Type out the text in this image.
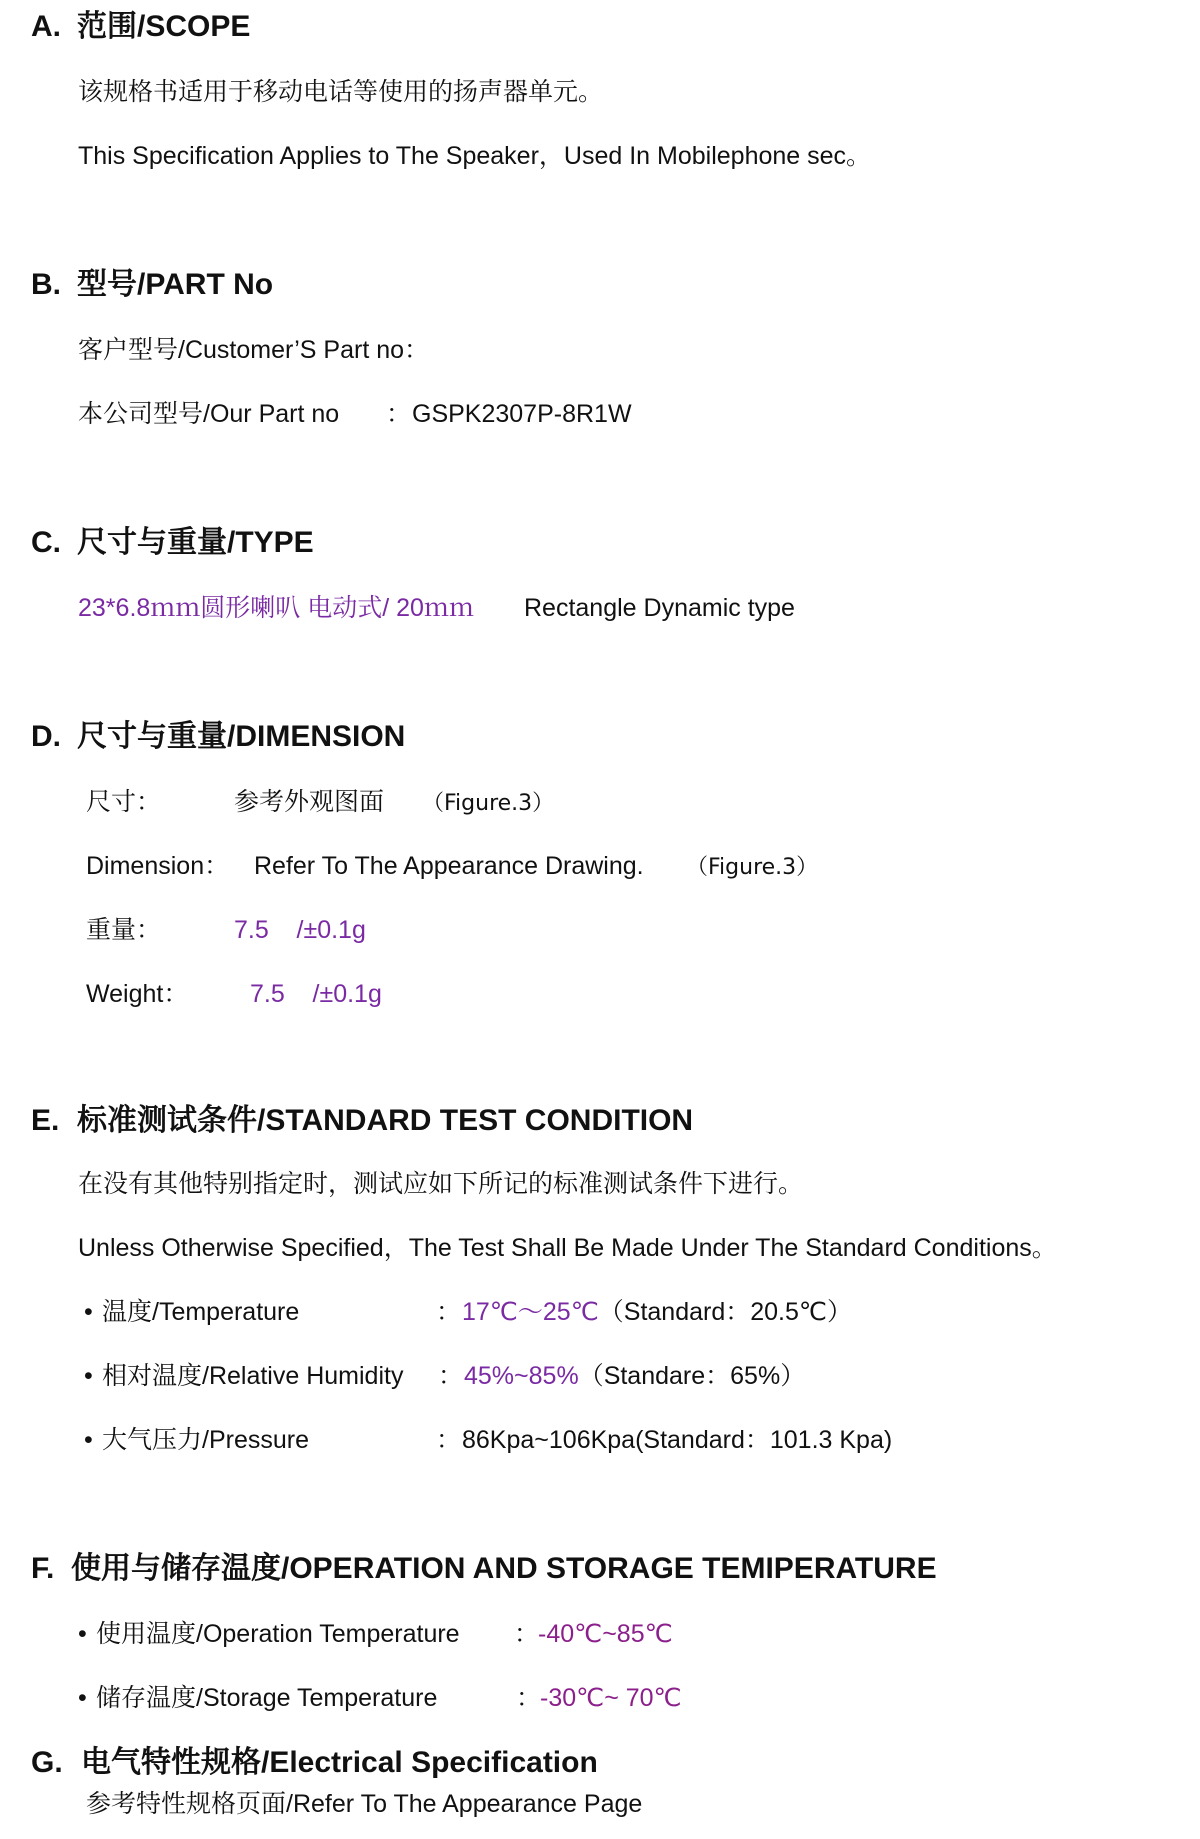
A. 范围/SCOPE
该规格书适用于移动电话等使用的扬声器单元。
This Specification Applies to The Speaker，Used In Mobilephone sec。
B. 型号/PART No
客户型号/Customer’S Part no：
本公司型号/Our Part no ：GSPK2307P-8R1W
C. 尺寸与重量/TYPE
23*6.8ｍｍ圆形喇叭 电动式/ 20ｍｍ Rectangle Dynamic type
D. 尺寸与重量/DIMENSION
尺寸：	参考外观图面 （Figure.3）
Dimension： Refer To The Appearance Drawing. （Figure.3）
重量：	7.5    /±0.1g
Weight： 7.5    /±0.1g
E. 标准测试条件/STANDARD TEST CONDITION
在没有其他特别指定时，测试应如下所记的标准测试条件下进行。
Unless Otherwise Specified，The Test Shall Be Made Under The Standard Conditions。
• 温度/Temperature	：17℃～25℃（Standard：20.5℃）
• 相对温度/Relative Humidity ：45%~85%（Standare：65%）
• 大气压力/Pressure	：86Kpa~106Kpa(Standard：101.3 Kpa)
F. 使用与储存温度/OPERATION AND STORAGE TEMIPERATURE
• 使用温度/Operation Temperature ：-40℃~85℃
• 储存温度/Storage Temperature	：-30℃~ 70℃
G. 电气特性规格/Electrical Specification
参考特性规格页面/Refer To The Appearance Page
